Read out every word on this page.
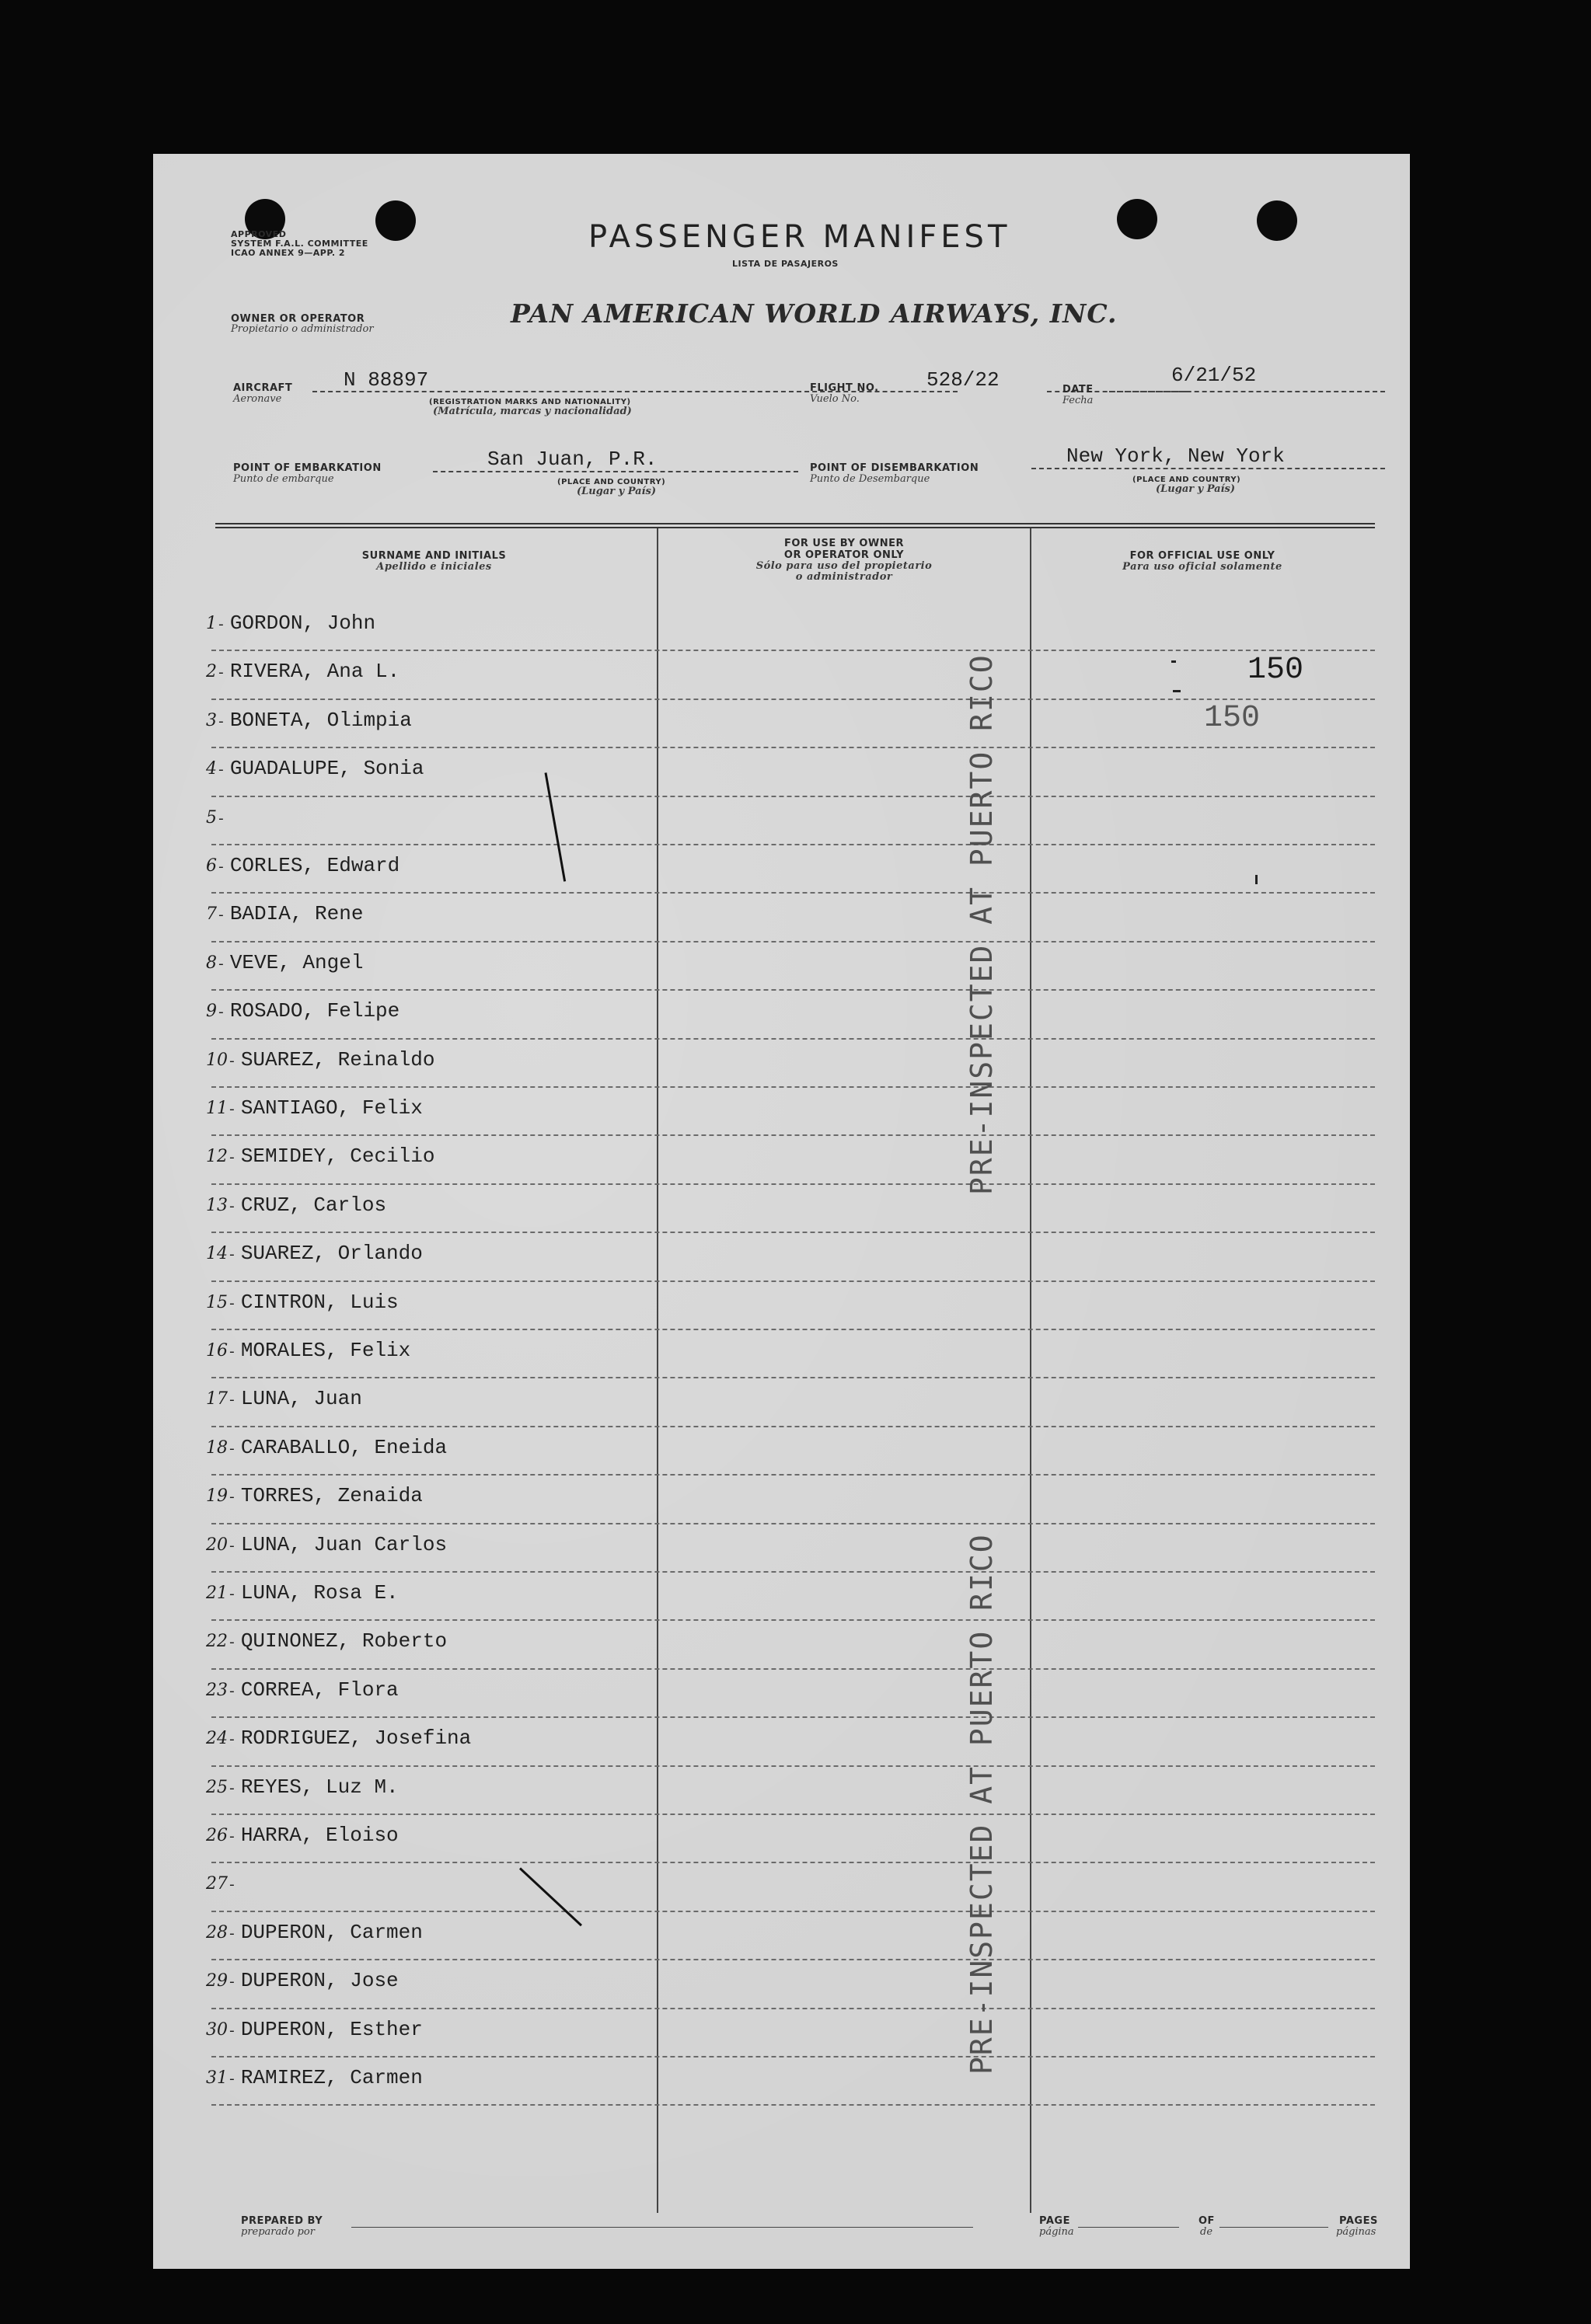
APPROVED
SYSTEM F.A.L. COMMITTEE
ICAO ANNEX 9—APP. 2	PASSENGER MANIFEST
LISTA DE PASAJEROS
OWNER OR OPERATOR
Propietario o administrador
PAN AMERICAN WORLD AIRWAYS, INC.
AIRCRAFT
Aeronave
N 88897
(REGISTRATION MARKS AND NATIONALITY)
(Matrícula, marcas y nacionalidad)
FLIGHT NO.
Vuelo No.
528/22	DATE
Fecha
6/21/52
POINT OF EMBARKATION
Punto de embarque
San Juan, P.R.
(PLACE AND COUNTRY)
(Lugar y País)
POINT OF DISEMBARKATION
Punto de Desembarque
New York, New York
(PLACE AND COUNTRY)
(Lugar y País)
SURNAME AND INITIALS
Apellido e iniciales
FOR USE BY OWNER
OR OPERATOR ONLY
Sólo para uso del propietario
o administrador
FOR OFFICIAL USE ONLY
Para uso oficial solamente
1- GORDON, John
2- RIVERA, Ana L.
3- BONETA, Olimpia
4- GUADALUPE, Sonia
5-
6- CORLES, Edward
7- BADIA, Rene
8- VEVE, Angel
9- ROSADO, Felipe
10- SUAREZ, Reinaldo
11- SANTIAGO, Felix
12- SEMIDEY, Cecilio
13- CRUZ, Carlos
14- SUAREZ, Orlando
15- CINTRON, Luis
16- MORALES, Felix
17- LUNA, Juan
18- CARABALLO, Eneida
19- TORRES, Zenaida
20- LUNA, Juan Carlos
21- LUNA, Rosa E.
22- QUINONEZ, Roberto
23- CORREA, Flora
24- RODRIGUEZ, Josefina
25- REYES, Luz M.
26- HARRA, Eloiso
27-
28- DUPERON, Carmen
29- DUPERON, Jose
30- DUPERON, Esther
31- RAMIREZ, Carmen
150
150
PRE-INSPECTED AT PUERTO RICO
PRE-INSPECTED AT PUERTO RICO
PREPARED BY
preparado por
PAGE
página
OF
de
PAGES
páginas
